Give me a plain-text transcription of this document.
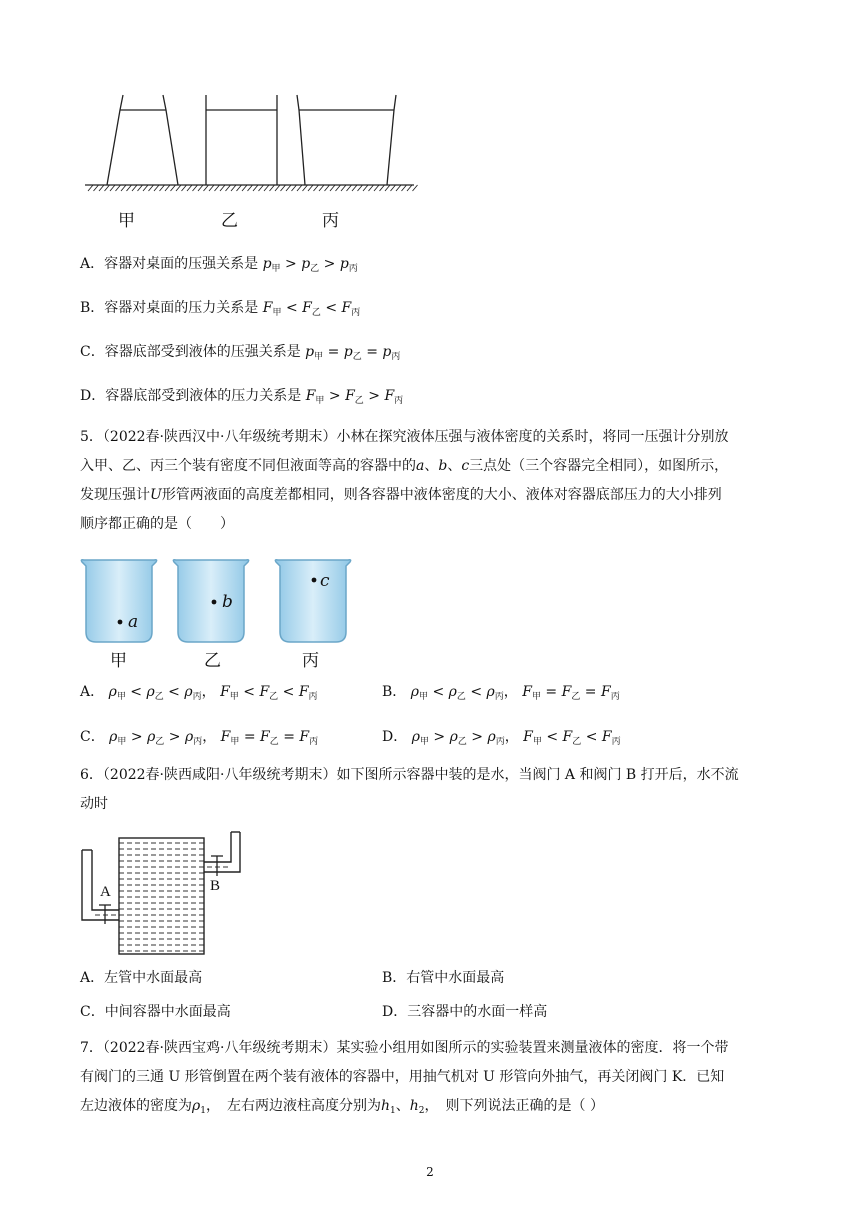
甲	乙	丙
A．容器对桌面的压强关系是 $p_甲 > p_乙 > p_丙$
B．容器对桌面的压力关系是 $F_甲 < F_乙 < F_丙$
C．容器底部受到液体的压强关系是 $p_甲 = p_乙 = p_丙$
D．容器底部受到液体的压力关系是 $F_甲 > F_乙 > F_丙$
5．（2022春·陕西汉中·八年级统考期末）小林在探究液体压强与液体密度的关系时，将同一压强计分别放
入甲、乙、丙三个装有密度不同但液面等高的容器中的a、b、c三点处（三个容器完全相同），如图所示，
发现压强计U形管两液面的高度差都相同，则各容器中液体密度的大小、液体对容器底部压力的大小排列
顺序都正确的是（　　）
a
b
c
甲	乙	丙
A． $\rho_甲 < \rho_乙 < \rho_丙$， $F_甲 < F_乙 < F_丙$	B． $\rho_甲 < \rho_乙 < \rho_丙$， $F_甲 = F_乙 = F_丙$
C． $\rho_甲 > \rho_乙 > \rho_丙$， $F_甲 = F_乙 = F_丙$	D． $\rho_甲 > \rho_乙 > \rho_丙$， $F_甲 < F_乙 < F_丙$
6．（2022春·陕西咸阳·八年级统考期末）如下图所示容器中装的是水，当阀门 A 和阀门 B 打开后，水不流
动时
A	B
A．左管中水面最高	B．右管中水面最高
C．中间容器中水面最高	D．三容器中的水面一样高
7．（2022春·陕西宝鸡·八年级统考期末）某实验小组用如图所示的实验装置来测量液体的密度．将一个带
有阀门的三通 U 形管倒置在两个装有液体的容器中，用抽气机对 U 形管向外抽气，再关闭阀门 K．已知
左边液体的密度为$\rho_1$，　左右两边液柱高度分别为$h_1$、$h_2$，　则下列说法正确的是（ ）
2
